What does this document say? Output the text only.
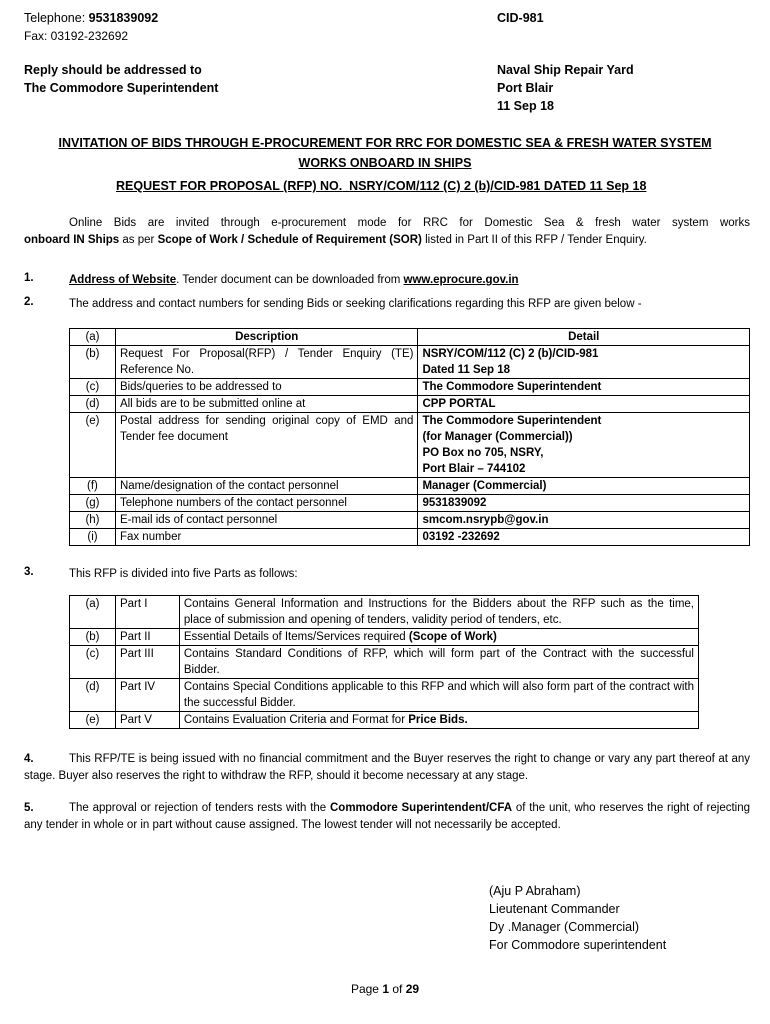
Telephone: 9531839092
Fax: 03192-232692
CID-981
Reply should be addressed to
The Commodore Superintendent
Naval Ship Repair Yard
Port Blair
11 Sep 18
INVITATION OF BIDS THROUGH E-PROCUREMENT FOR RRC FOR DOMESTIC SEA & FRESH WATER SYSTEM
WORKS ONBOARD IN SHIPS
REQUEST FOR PROPOSAL (RFP) NO. NSRY/COM/112 (C) 2 (b)/CID-981 DATED 11 Sep 18
Online Bids are invited through e-procurement mode for RRC for Domestic Sea & fresh water system works
onboard IN Ships as per Scope of Work / Schedule of Requirement (SOR) listed in Part II of this RFP / Tender Enquiry.
1.	Address of Website. Tender document can be downloaded from www.eprocure.gov.in
2.	The address and contact numbers for sending Bids or seeking clarifications regarding this RFP are given below -
(a)	Description	Detail
(b)	Request For Proposal(RFP) / Tender Enquiry (TE) Reference No.	NSRY/COM/112 (C) 2 (b)/CID-981
Dated 11 Sep 18

(c)	Bids/queries to be addressed to	The Commodore Superintendent
(d)	All bids are to be submitted online at	CPP PORTAL
(e)	Postal address for sending original copy of EMD and Tender fee document	The Commodore Superintendent
(for Manager (Commercial))
PO Box no 705, NSRY,
Port Blair – 744102

(f)	Name/designation of the contact personnel	Manager (Commercial)
(g)	Telephone numbers of the contact personnel	9531839092
(h)	E-mail ids of contact personnel	smcom.nsrypb@gov.in
(i)	Fax number	03192 -232692
3.	This RFP is divided into five Parts as follows:
(a)	Part I	Contains General Information and Instructions for the Bidders about the RFP such as the time, place of submission and opening of tenders, validity period of tenders, etc.
(b)	Part II	Essential Details of Items/Services required (Scope of Work)
(c)	Part III	Contains Standard Conditions of RFP, which will form part of the Contract with the successful Bidder.
(d)	Part IV	Contains Special Conditions applicable to this RFP and which will also form part of the contract with the successful Bidder.
(e)	Part V	Contains Evaluation Criteria and Format for Price Bids.
4.	This RFP/TE is being issued with no financial commitment and the Buyer reserves the right to change or vary any part thereof at any stage. Buyer also reserves the right to withdraw the RFP, should it become necessary at any stage.
5.	The approval or rejection of tenders rests with the Commodore Superintendent/CFA of the unit, who reserves the right of rejecting any tender in whole or in part without cause assigned. The lowest tender will not necessarily be accepted.
(Aju P Abraham)
Lieutenant Commander
Dy .Manager (Commercial)
For Commodore superintendent
Page 1 of 29
